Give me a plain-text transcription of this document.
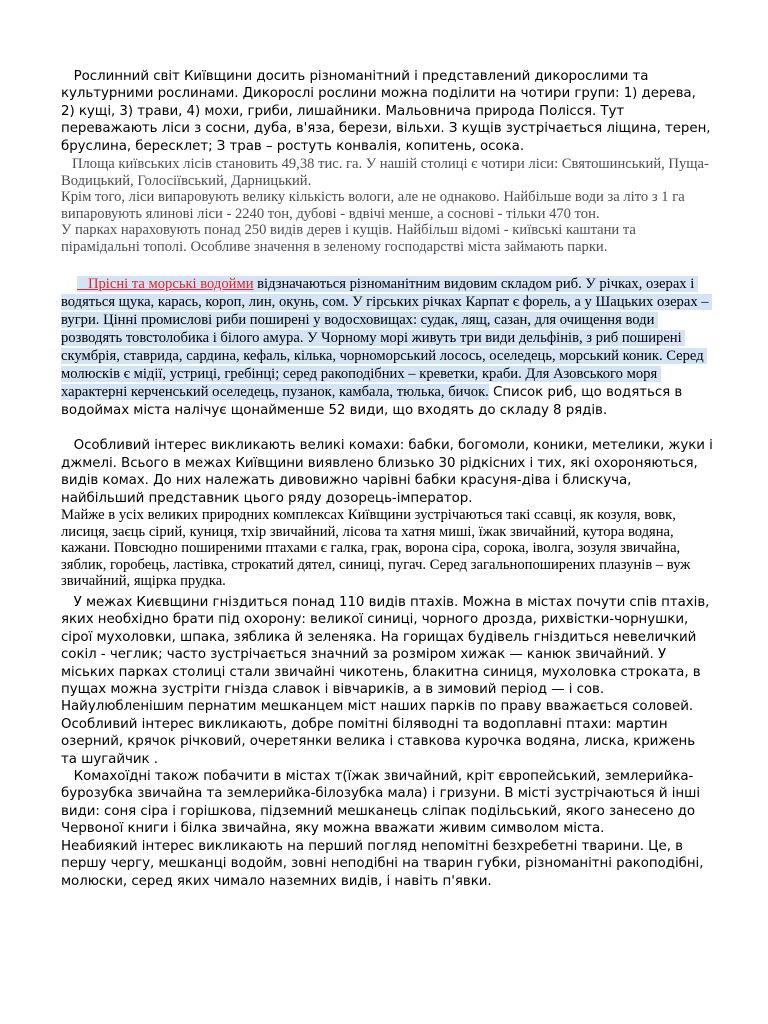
Рослинний світ Київщини досить різноманітний і представлений дикорослими та культурними рослинами. Дикорослі рослини можна поділити на чотири групи: 1) дерева, 2) кущі, 3) трави, 4) мохи, гриби, лишайники. Мальовнича природа Полісся. Тут переважають ліси з сосни, дуба, в'яза, берези, вільхи. З кущів зустрічається ліщина, терен, бруслина, бересклет; З трав – ростуть конвалія, копитень, осока.

Площа київських лісів становить 49,38 тис. га. У нашій столиці є чотири ліси: Святошинський, Пуща-Водицький, Голосіївський, Дарницький.

Крім того, ліси випаровують велику кількість вологи, але не однаково. Найбільше води за літо з 1 га випаровують ялинові ліси - 2240 тон, дубові - вдвічі менше, а соснові - тільки 470 тон.

У парках нараховують понад 250 видів дерев і кущів. Найбільш відомі - київські каштани та пірамідальні тополі. Особливе значення в зеленому господарстві міста займають парки.

Прісні та морські водойми відзначаються різноманітним видовим складом риб. У річках, озерах і водяться щука, карась, короп, лин, окунь, сом. У гірських річках Карпат є форель, а у Шацьких озерах – вугри. Цінні промислові риби поширені у водосховищах: судак, лящ, сазан, для очищення води розводять товстолобика і білого амура. У Чорному морі живуть три види дельфінів, з риб поширені скумбрія, ставрида, сардина, кефаль, кілька, чорноморський лосось, оселедець, морський коник. Серед молюсків є мідії, устриці, гребінці; серед ракоподібних – креветки, краби. Для Азовського моря характерні керченський оселедець, пузанок, камбала, тюлька, бичок. Список риб, що водяться в водоймах міста налічує щонайменше 52 види, що входять до складу 8 рядів.

Особливий інтерес викликають великі комахи: бабки, богомоли, коники, метелики, жуки і джмелі. Всього в межах Київщини виявлено близько 30 рідкісних і тих, які охороняються, видів комах. До них належать дивовижно чарівні бабки красуня-діва і блискуча, найбільший представник цього ряду дозорець-імператор.

Майже в усіх великих природних комплексах Київщини зустрічаються такі ссавці, як козуля, вовк, лисиця, заєць сірий, куниця, тхір звичайний, лісова та хатня миші, їжак звичайний, кутора водяна, кажани. Повсюдно поширеними птахами є галка, грак, ворона сіра, сорока, іволга, зозуля звичайна, зяблик, горобець, ластівка, строкатий дятел, синиці, пугач. Серед загальнопоширених плазунів – вуж звичайний, ящірка прудка.

У межах Києвщини гніздиться понад 110 видів птахів. Можна в містах почути спів птахів, яких необхідно брати під охорону: великої синиці, чорного дрозда, рихвістки-чорнушки, сірої мухоловки, шпака, зяблика й зеленяка. На горищах будівель гніздиться невеличкий сокіл - чеглик; часто зустрічається значний за розміром хижак — канюк звичайний. У міських парках столиці стали звичайні чикотень, блакитна синиця, мухоловка строката, в пущах можна зустріти гнізда славок і вівчариків, а в зимовий період — і сов.          Найулюбленішим пернатим мешканцем міст наших парків по праву вважається соловей. Особливий інтерес викликають, добре помітні біляводні та водоплавні птахи: мартин озерний, крячок річковий, очеретянки велика і ставкова курочка водяна, лиска, крижень та шугайчик .

Комахоїдні також побачити в містах т(їжак звичайний, кріт європейський, землерийка-бурозубка звичайна та землерийка-білозубка мала) і гризуни. В місті зустрічаються й інші види: соня сіра і горішкова, підземний мешканець сліпак подільський, якого занесено до Червоної книги і білка звичайна, яку можна вважати живим символом міста.

Неабиякий інтерес викликають на перший погляд непомітні безхребетні тварини. Це, в першу чергу, мешканці водойм, зовні неподібні на тварин губки, різноманітні ракоподібні, молюски, серед яких чимало наземних видів, і навіть п'явки.
